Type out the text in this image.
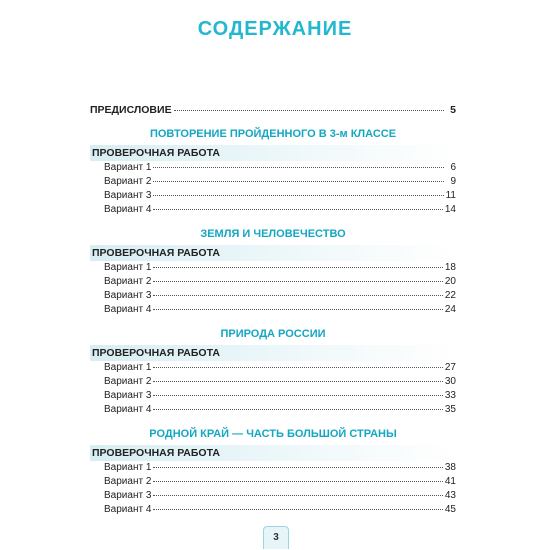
СОДЕРЖАНИЕ
ПРЕДИСЛОВИЕ	5
ПОВТОРЕНИЕ ПРОЙДЕННОГО В 3-м КЛАССЕ
ПРОВЕРОЧНАЯ РАБОТА
Вариант 1	6
Вариант 2	9
Вариант 3	11
Вариант 4	14
ЗЕМЛЯ И ЧЕЛОВЕЧЕСТВО
ПРОВЕРОЧНАЯ РАБОТА
Вариант 1	18
Вариант 2	20
Вариант 3	22
Вариант 4	24
ПРИРОДА РОССИИ
ПРОВЕРОЧНАЯ РАБОТА
Вариант 1	27
Вариант 2	30
Вариант 3	33
Вариант 4	35
РОДНОЙ КРАЙ — ЧАСТЬ БОЛЬШОЙ СТРАНЫ
ПРОВЕРОЧНАЯ РАБОТА
Вариант 1	38
Вариант 2	41
Вариант 3	43
Вариант 4	45
3
